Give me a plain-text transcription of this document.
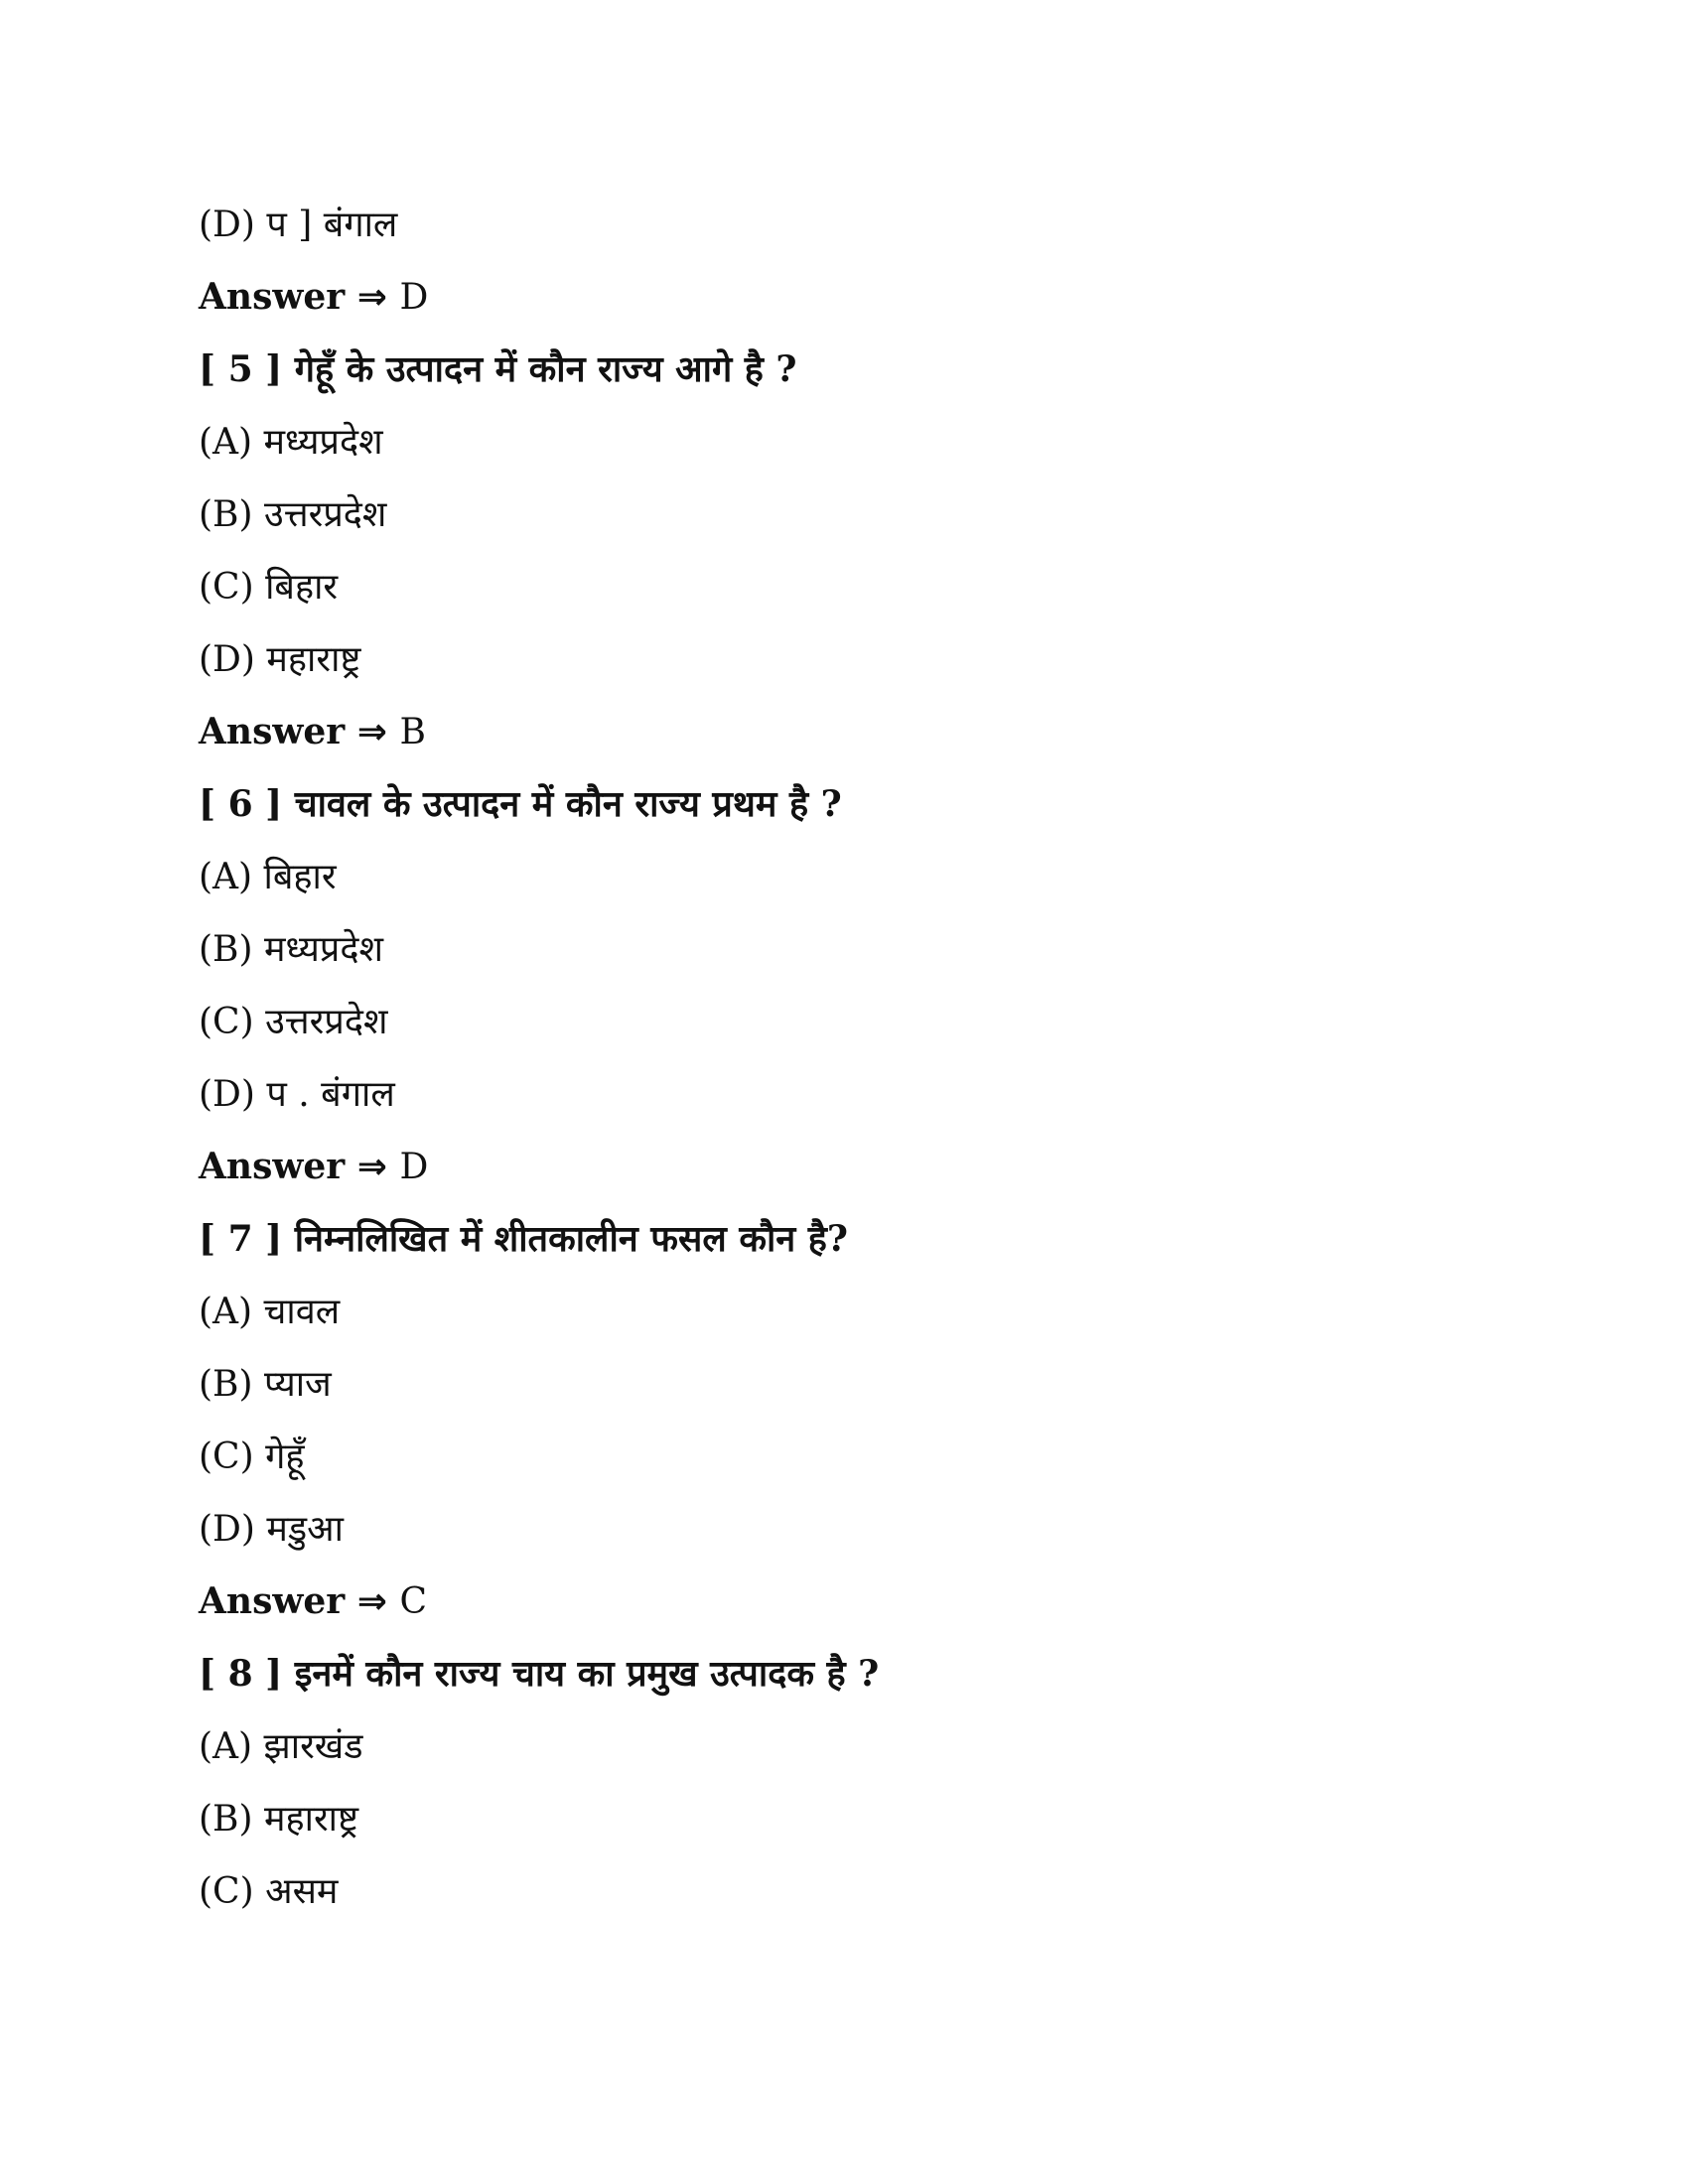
(D) प ] बंगाल
Answer ⇒ D
[ 5 ] गेहूँ के उत्पादन में कौन राज्य आगे है ?
(A) मध्यप्रदेश
(B) उत्तरप्रदेश
(C) बिहार
(D) महाराष्ट्र
Answer ⇒ B
[ 6 ] चावल के उत्पादन में कौन राज्य प्रथम है ?
(A) बिहार
(B) मध्यप्रदेश
(C) उत्तरप्रदेश
(D) प . बंगाल
Answer ⇒ D
[ 7 ] निम्नलिखित में शीतकालीन फसल कौन है?
(A) चावल
(B) प्याज
(C) गेहूँ
(D) मडुआ
Answer ⇒ C
[ 8 ] इनमें कौन राज्य चाय का प्रमुख उत्पादक है ?
(A) झारखंड
(B) महाराष्ट्र
(C) असम
